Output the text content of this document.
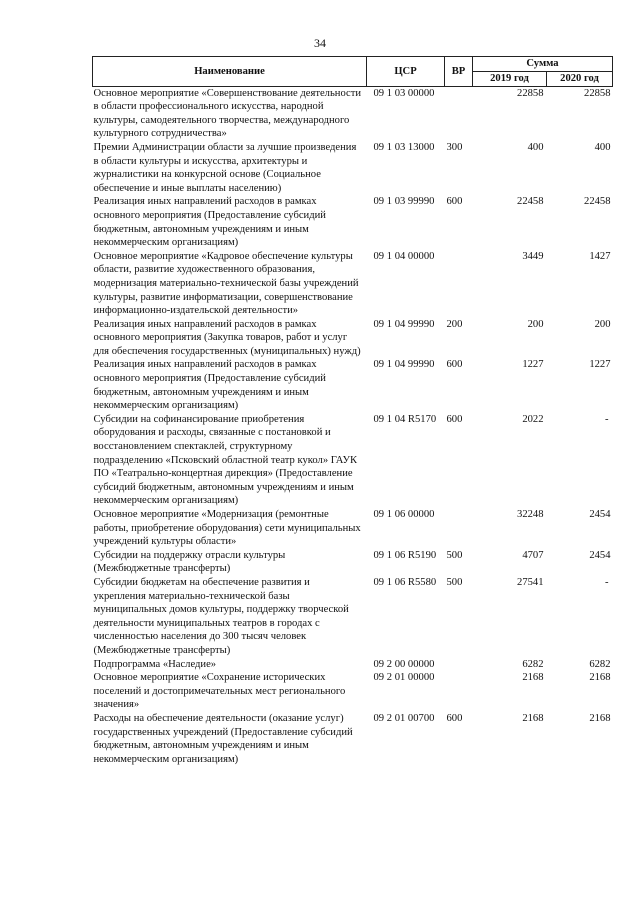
34
Наименование	ЦСР	ВР	Сумма	
			2019 год	2020 год
Основное мероприятие «Совершенствование деятельности в области профессионального искусства, народной культуры, самодеятельного творчества, международного культурного сотрудничества»	09 1 03 00000		22858	22858
Премии Администрации области за лучшие произведения в области культуры и искусства, архитектуры и журналистики на конкурсной основе (Социальное обеспечение и иные выплаты населению)	09 1 03 13000	300	400	400
Реализация иных направлений расходов в рамках основного мероприятия (Предоставление субсидий бюджетным, автономным учреждениям и иным некоммерческим организациям)	09 1 03 99990	600	22458	22458
Основное мероприятие «Кадровое обеспечение культуры области, развитие художественного образования, модернизация материально-технической базы учреждений культуры, развитие информатизации, совершенствование информационно-издательской деятельности»	09 1 04 00000		3449	1427
Реализация иных направлений расходов в рамках основного мероприятия (Закупка товаров, работ и услуг для обеспечения государственных (муниципальных) нужд)	09 1 04 99990	200	200	200
Реализация иных направлений расходов в рамках основного мероприятия (Предоставление субсидий бюджетным, автономным учреждениям и иным некоммерческим организациям)	09 1 04 99990	600	1227	1227
Субсидии на софинансирование приобретения оборудования и расходы, связанные с постановкой и восстановлением спектаклей, структурному подразделению «Псковский областной театр кукол» ГАУК ПО «Театрально-концертная дирекция» (Предоставление субсидий бюджетным, автономным учреждениям и иным некоммерческим организациям)	09 1 04 R5170	600	2022	-
Основное мероприятие «Модернизация (ремонтные работы, приобретение оборудования) сети муниципальных учреждений культуры области»	09 1 06 00000		32248	2454
Субсидии на поддержку отрасли культуры (Межбюджетные трансферты)	09 1 06 R5190	500	4707	2454
Субсидии бюджетам на обеспечение развития и укрепления материально-технической базы муниципальных домов культуры, поддержку творческой деятельности муниципальных театров в городах с численностью населения до 300 тысяч человек (Межбюджетные трансферты)	09 1 06 R5580	500	27541	-
Подпрограмма «Наследие»	09 2 00 00000		6282	6282
Основное мероприятие «Сохранение исторических поселений и достопримечательных мест регионального значения»	09 2 01 00000		2168	2168
Расходы на обеспечение деятельности (оказание услуг) государственных учреждений (Предоставление субсидий бюджетным, автономным учреждениям и иным некоммерческим организациям)	09 2 01 00700	600	2168	2168
